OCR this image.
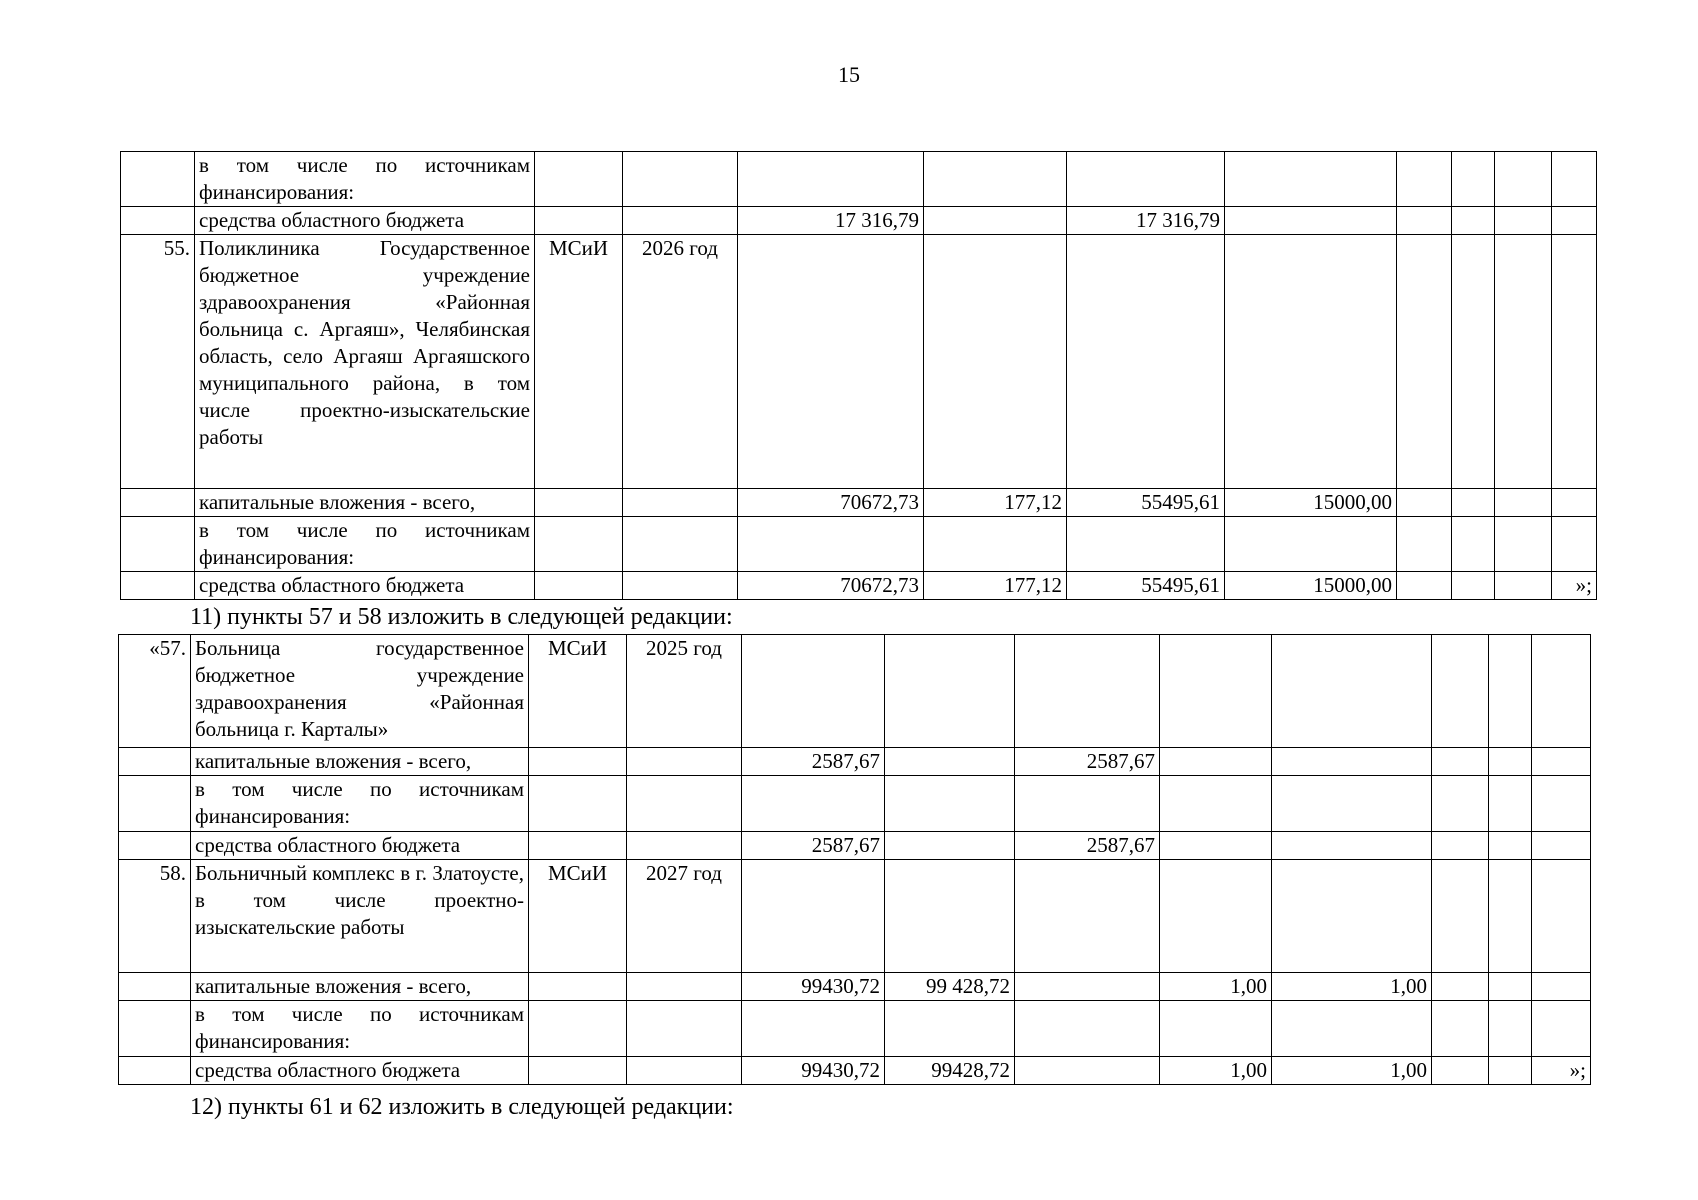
15
	в том числе по источникам финансирования:										
	средства областного бюджета			17 316,79		17 316,79					
55.	Поликлиника Государственное бюджетное учреждение здравоохранения «Районная больница с. Аргаяш», Челябинская область, село Аргаяш Аргаяшского муниципального района, в том числе проектно-изыскательские работы	МСиИ	2026 год								
	капитальные вложения - всего,			70672,73	177,12	55495,61	15000,00				
	в том числе по источникам финансирования:										
	средства областного бюджета			70672,73	177,12	55495,61	15000,00				»;
11) пункты 57 и 58 изложить в следующей редакции:
«57.	Больница государственное бюджетное учреждение здравоохранения «Районная больница г. Карталы»	МСиИ	2025 год								
	капитальные вложения - всего,			2587,67		2587,67					
	в том числе по источникам финансирования:										
	средства областного бюджета			2587,67		2587,67					
58.	Больничный комплекс в г. Златоусте, в том числе проектно-изыскательские работы	МСиИ	2027 год								
	капитальные вложения - всего,			99430,72	99 428,72		1,00	1,00			
	в том числе по источникам финансирования:										
	средства областного бюджета			99430,72	99428,72		1,00	1,00			»;
12) пункты 61 и 62 изложить в следующей редакции:
